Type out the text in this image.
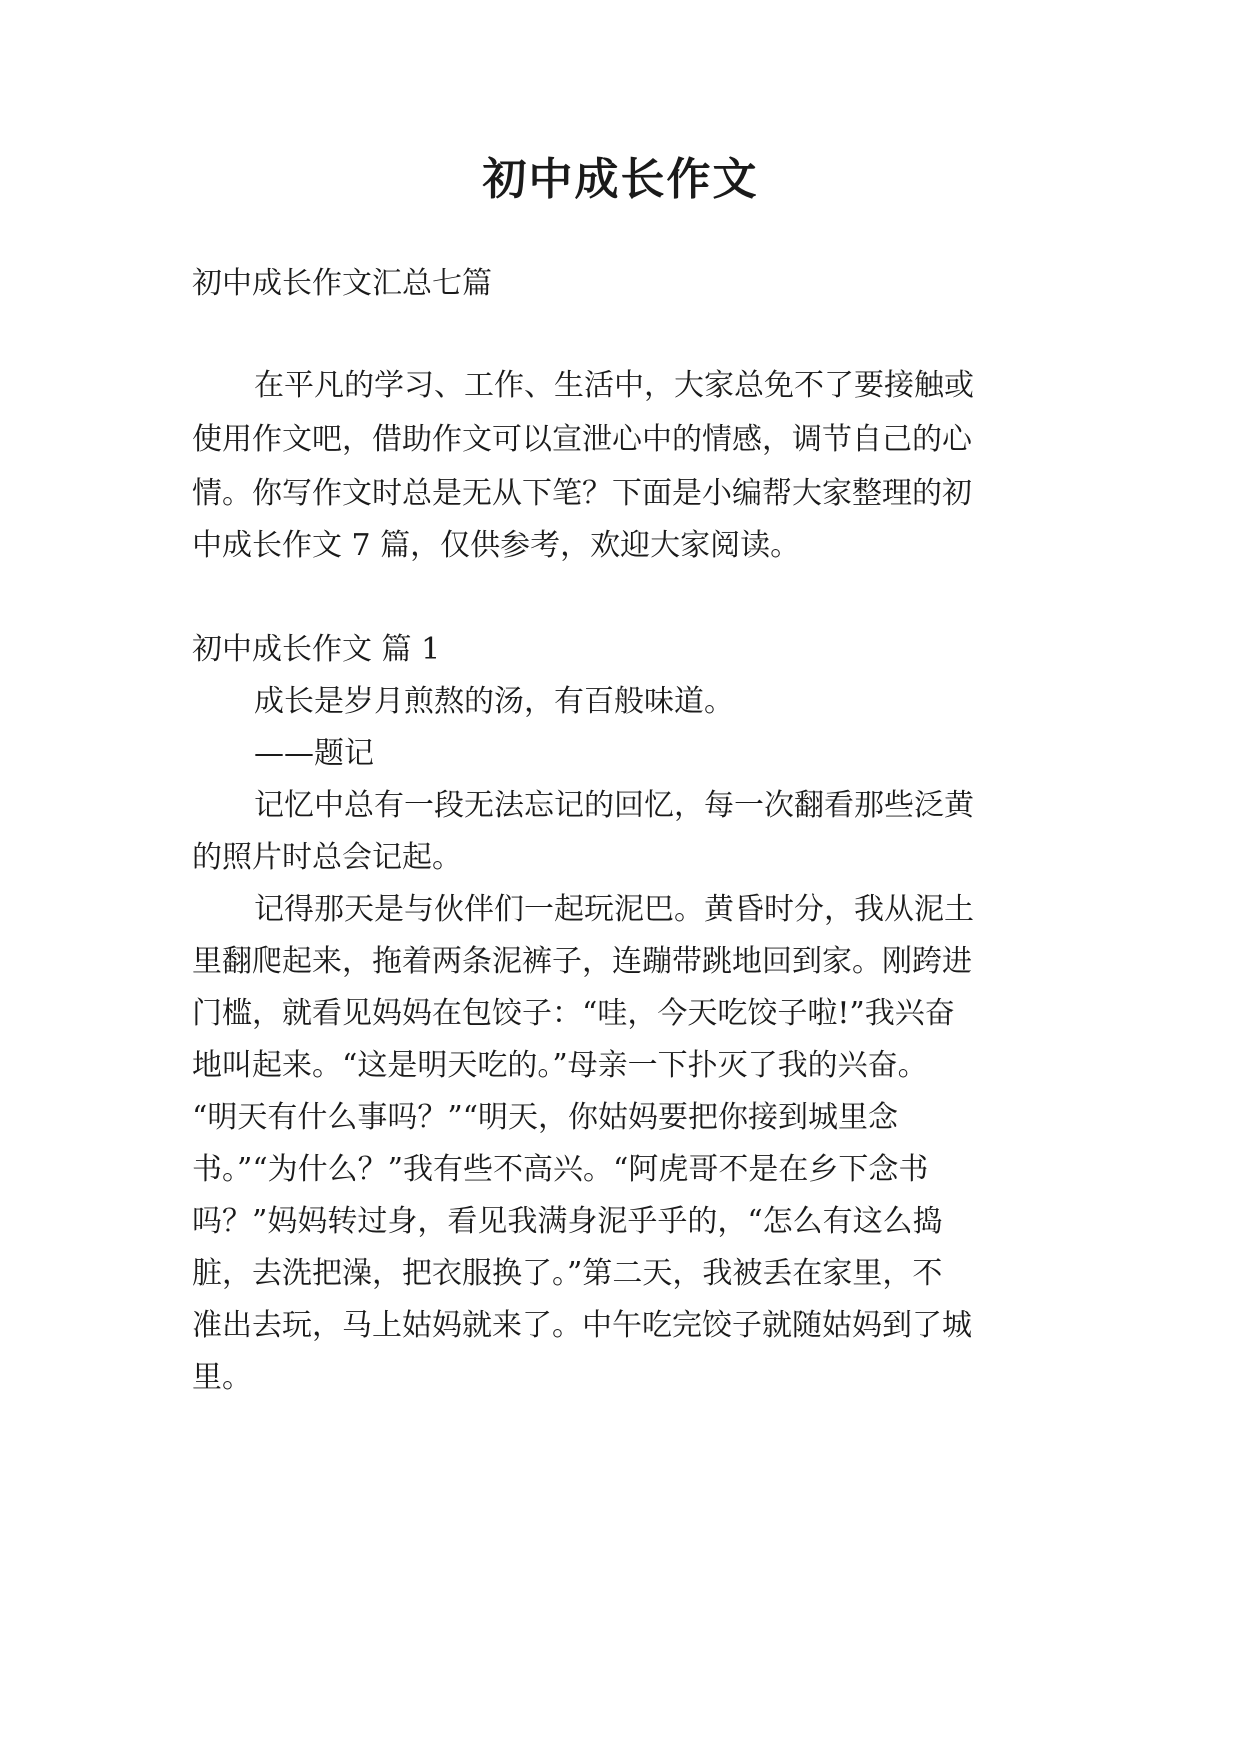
初中成长作文
初中成长作文汇总七篇
在平凡的学习、工作、生活中，大家总免不了要接触或
使用作文吧，借助作文可以宣泄心中的情感，调节自己的心
情。你写作文时总是无从下笔？下面是小编帮大家整理的初
中成长作文 7 篇，仅供参考，欢迎大家阅读。
初中成长作文 篇 1
成长是岁月煎熬的汤，有百般味道。
——题记
记忆中总有一段无法忘记的回忆，每一次翻看那些泛黄
的照片时总会记起。
记得那天是与伙伴们一起玩泥巴。黄昏时分，我从泥土
里翻爬起来，拖着两条泥裤子，连蹦带跳地回到家。刚跨进
门槛，就看见妈妈在包饺子：“哇，今天吃饺子啦!”我兴奋
地叫起来。“这是明天吃的。”母亲一下扑灭了我的兴奋。
“明天有什么事吗？”“明天，你姑妈要把你接到城里念
书。”“为什么？”我有些不高兴。“阿虎哥不是在乡下念书
吗？”妈妈转过身，看见我满身泥乎乎的，“怎么有这么捣
脏，去洗把澡，把衣服换了。”第二天，我被丢在家里，不
准出去玩，马上姑妈就来了。中午吃完饺子就随姑妈到了城
里。
